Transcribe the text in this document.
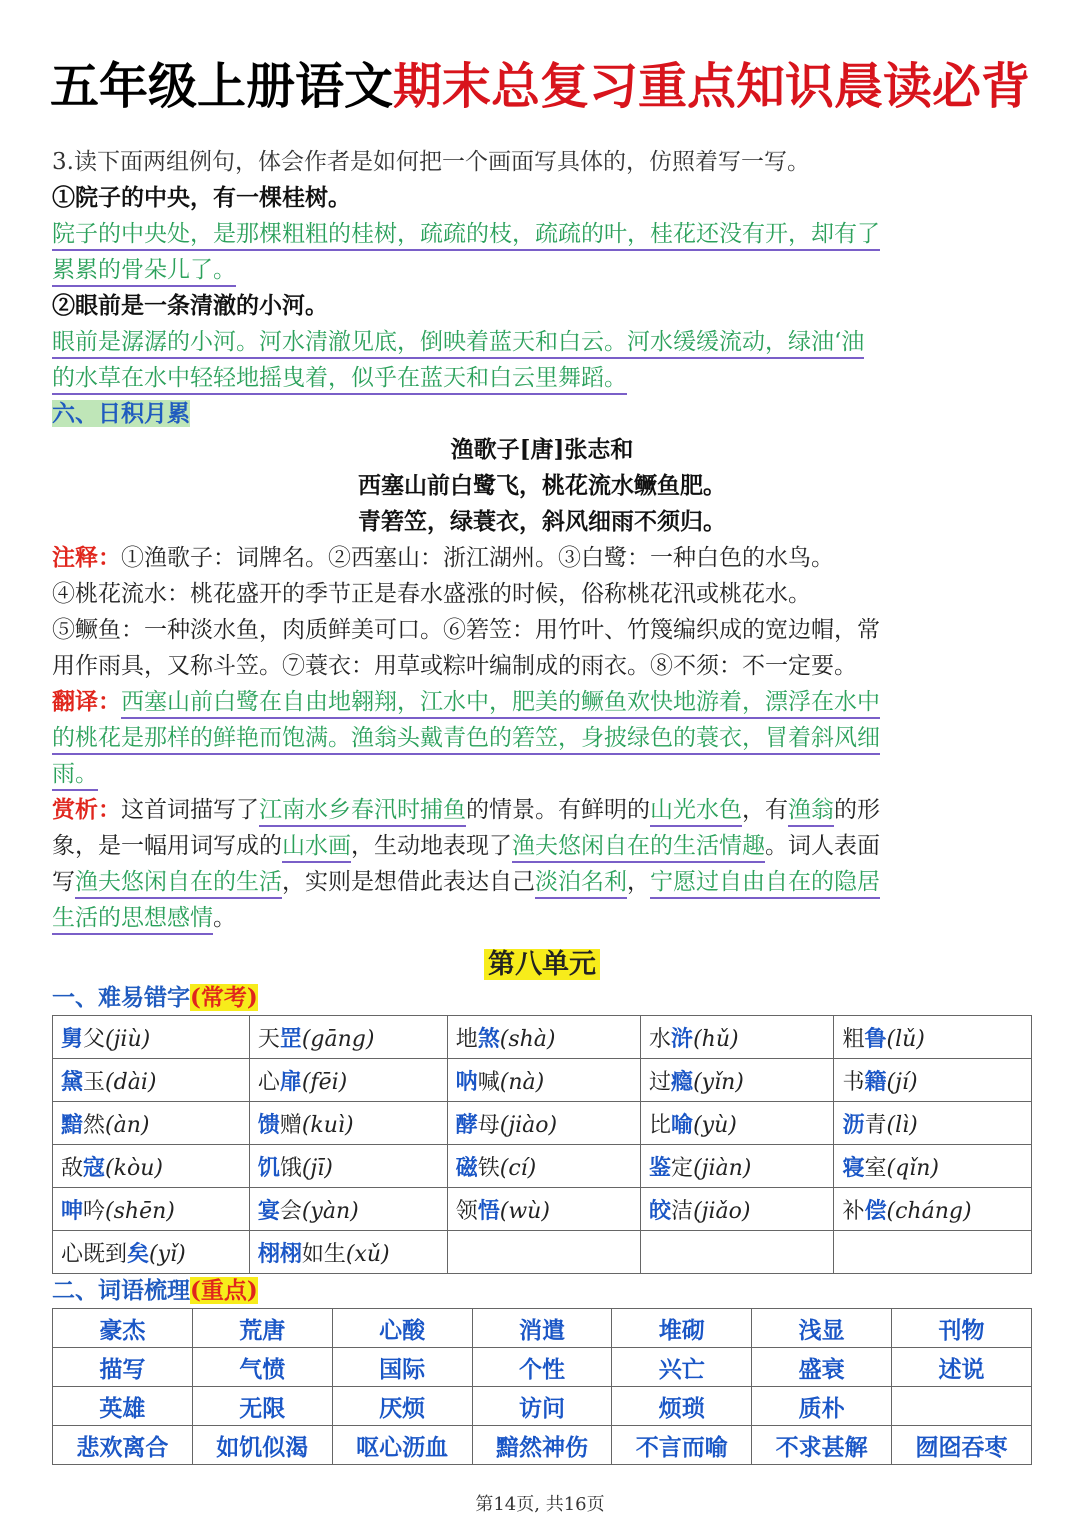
五年级上册语文期末总复习重点知识晨读必背
3.读下面两组例句，体会作者是如何把一个画面写具体的，仿照着写一写。
①院子的中央，有一棵桂树。
院子的中央处，是那棵粗粗的桂树，疏疏的枝，疏疏的叶，桂花还没有开，却有了
累累的骨朵儿了。
②眼前是一条清澈的小河。
眼前是潺潺的小河。河水清澈见底，倒映着蓝天和白云。河水缓缓流动，绿油‘油
的水草在水中轻轻地摇曳着，似乎在蓝天和白云里舞蹈。
六、日积月累
渔歌子[唐]张志和
西塞山前白鹭飞，桃花流水鳜鱼肥。
青箬笠，绿蓑衣，斜风细雨不须归。
注释：①渔歌子：词牌名。②西塞山：浙江湖州。③白鹭：一种白色的水鸟。
④桃花流水：桃花盛开的季节正是春水盛涨的时候，俗称桃花汛或桃花水。
⑤鳜鱼：一种淡水鱼，肉质鲜美可口。⑥箬笠：用竹叶、竹篾编织成的宽边帽，常
用作雨具，又称斗笠。⑦蓑衣：用草或粽叶编制成的雨衣。⑧不须：不一定要。
翻译：西塞山前白鹭在自由地翱翔，江水中，肥美的鳜鱼欢快地游着，漂浮在水中
的桃花是那样的鲜艳而饱满。渔翁头戴青色的箬笠，身披绿色的蓑衣，冒着斜风细
雨。
赏析：这首词描写了江南水乡春汛时捕鱼的情景。有鲜明的山光水色，有渔翁的形
象，是一幅用词写成的山水画，生动地表现了渔夫悠闲自在的生活情趣。词人表面
写渔夫悠闲自在的生活，实则是想借此表达自己淡泊名利，宁愿过自由自在的隐居
生活的思想感情。
第八单元
一、难易错字(常考)
舅父(jiù)	天罡(gāng)	地煞(shà)	水浒(hǔ)	粗鲁(lǔ)
黛玉(dài)	心扉(fēi)	呐喊(nà)	过瘾(yǐn)	书籍(jí)
黯然(àn)	馈赠(kuì)	酵母(jiào)	比喻(yù)	沥青(lì)
敌寇(kòu)	饥饿(jī)	磁铁(cí)	鉴定(jiàn)	寝室(qǐn)
呻吟(shēn)	宴会(yàn)	领悟(wù)	皎洁(jiǎo)	补偿(cháng)
心既到矣(yǐ)	栩栩如生(xǔ)			
二、词语梳理(重点)
豪杰	荒唐	心酸	消遣	堆砌	浅显	刊物
描写	气愤	国际	个性	兴亡	盛衰	述说
英雄	无限	厌烦	访问	烦琐	质朴	
悲欢离合	如饥似渴	呕心沥血	黯然神伤	不言而喻	不求甚解	囫囵吞枣
第14页, 共16页
